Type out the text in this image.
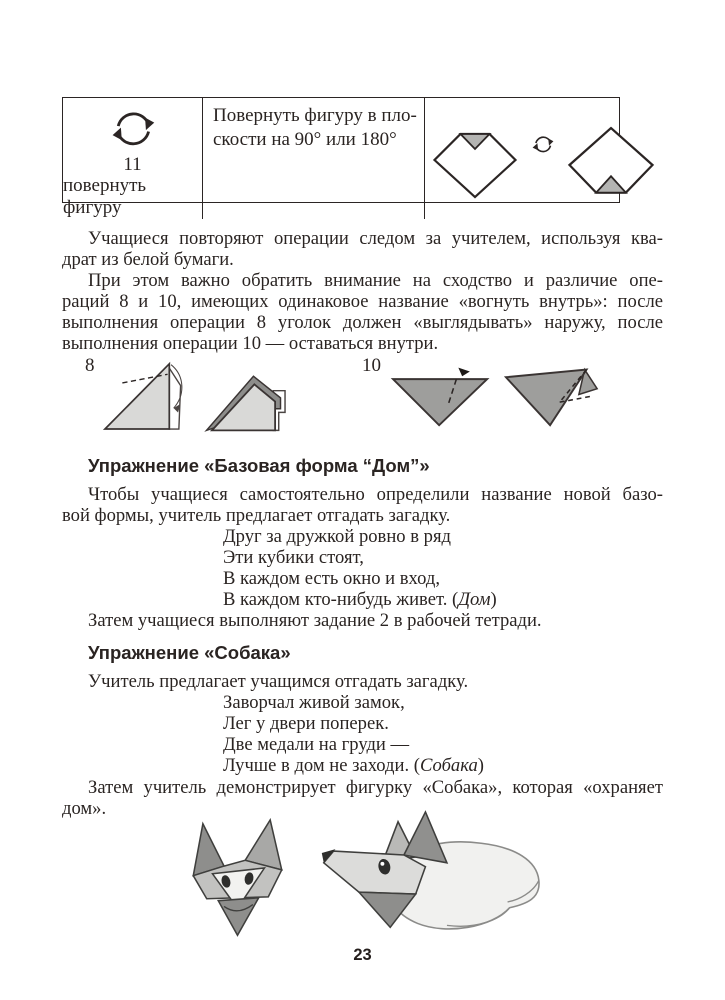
11
повернуть фигуру
Повернуть фигуру в пло-
скости на 90° или 180°
Учащиеся повторяют операции следом за учителем, используя ква-
драт из белой бумаги.
При этом важно обратить внимание на сходство и различие опе-
раций 8 и 10, имеющих одинаковое название «вогнуть внутрь»: после
выполнения операции 8 уголок должен «выглядывать» наружу, после
выполнения операции 10 — оставаться внутри.
8	10
Упражнение «Базовая форма “Дом”»
Чтобы учащиеся самостоятельно определили название новой базо-
вой формы, учитель предлагает отгадать загадку.
Друг за дружкой ровно в ряд
Эти кубики стоят,
В каждом есть окно и вход,
В каждом кто-нибудь живет. (Дом)
Затем учащиеся выполняют задание 2 в рабочей тетради.
Упражнение «Собака»
Учитель предлагает учащимся отгадать загадку.
Заворчал живой замок,
Лег у двери поперек.
Две медали на груди —
Лучше в дом не заходи. (Собака)
Затем учитель демонстрирует фигурку «Собака», которая «охраняет
дом».
23
